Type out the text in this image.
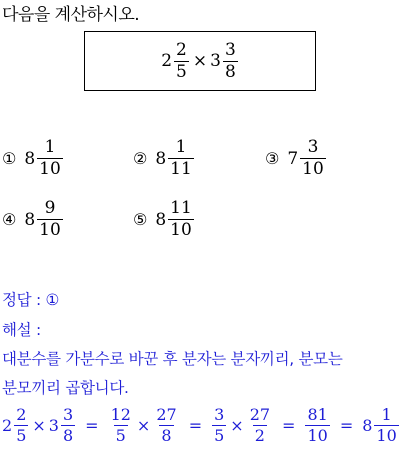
다음을 계산하시오.
$2 \frac{2}{5} \times 3 \frac{3}{8}$
① $8 \frac{1}{10}$	② $8 \frac{1}{11}$	③ $7 \frac{3}{10}$
④ $8 \frac{9}{10}$	⑤ $8 \frac{11}{10}$
정답 : ①
해설 :
대분수를 가분수로 바꾼 후 분자는 분자끼리, 분모는
분모끼리 곱합니다.
$2 \frac{2}{5} \times 3 \frac{3}{8} = \frac{12}{5} \times \frac{27}{8} = \frac{3}{5} \times \frac{27}{2} = \frac{81}{10} = 8 \frac{1}{10}$
